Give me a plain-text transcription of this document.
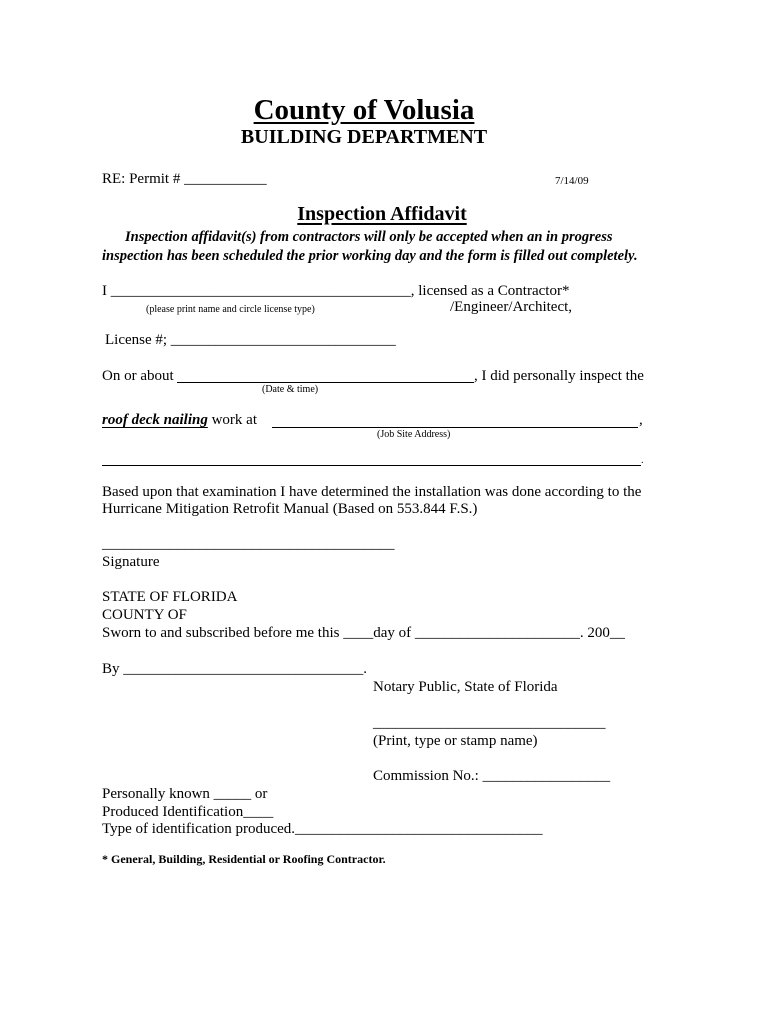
County of Volusia
BUILDING DEPARTMENT
RE: Permit # ___________	7/14/09
Inspection Affidavit
Inspection affidavit(s) from contractors will only be accepted when an in progress
inspection has been scheduled the prior working day and the form is filled out completely.
I ________________________________________, licensed as a Contractor*
(please print name and circle license type)	/Engineer/Architect,
License #; ______________________________
On or about	, I did personally inspect the
(Date & time)
roof deck nailing work at	,
(Job Site Address)
.
Based upon that examination I have determined the installation was done according to the
Hurricane Mitigation Retrofit Manual (Based on 553.844 F.S.)
_______________________________________
Signature
STATE OF FLORIDA
COUNTY OF
Sworn to and subscribed before me this ____day of ______________________. 200__
By ________________________________.
Notary Public, State of Florida
_______________________________
(Print, type or stamp name)
Commission No.: _________________
Personally known _____ or
Produced Identification____
Type of identification produced._________________________________
* General, Building, Residential or Roofing Contractor.
